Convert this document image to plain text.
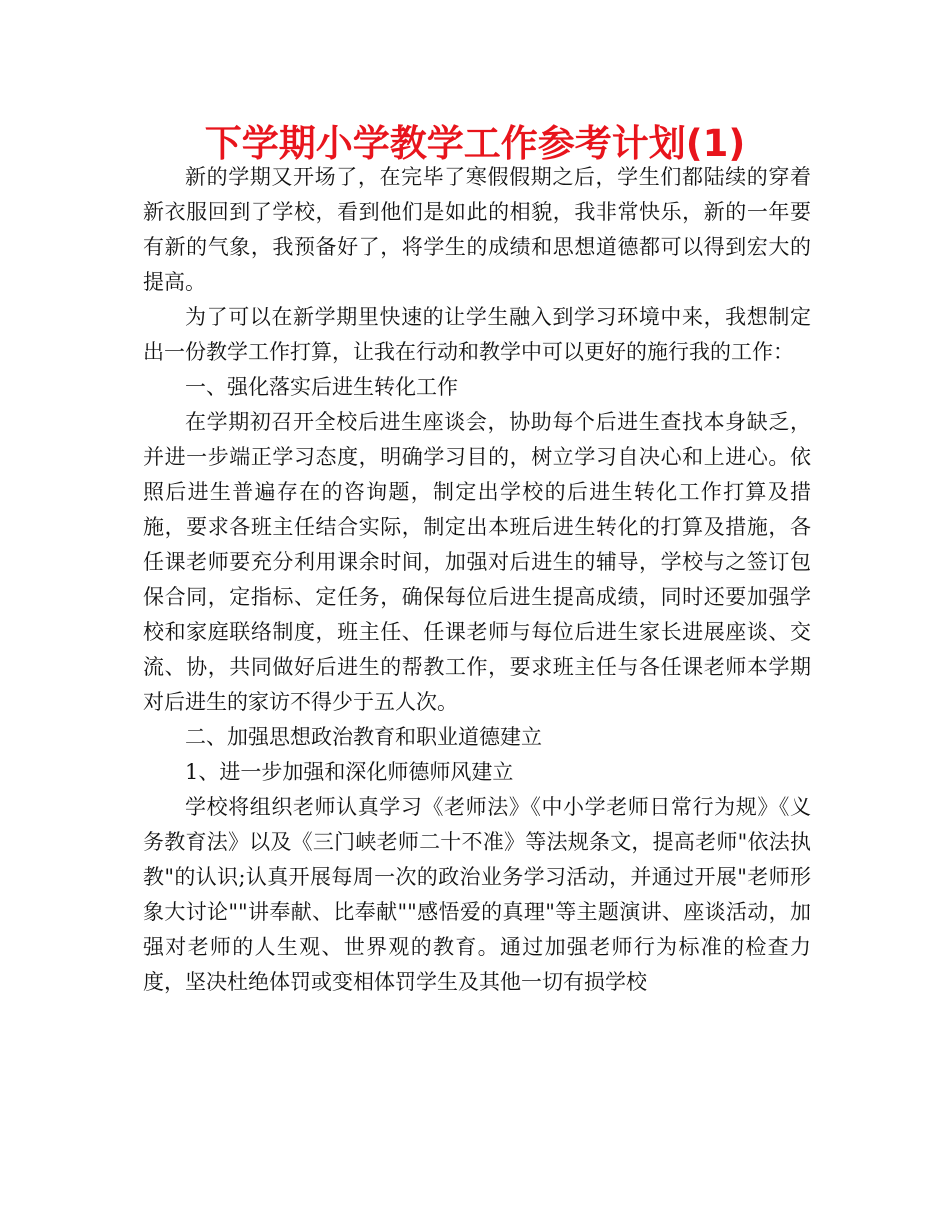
下学期小学教学工作参考计划(1)

新的学期又开场了，在完毕了寒假假期之后，学生们都陆续的穿着新衣服回到了学校，看到他们是如此的相貌，我非常快乐，新的一年要有新的气象，我预备好了，将学生的成绩和思想道德都可以得到宏大的提高。

为了可以在新学期里快速的让学生融入到学习环境中来，我想制定出一份教学工作打算，让我在行动和教学中可以更好的施行我的工作：

一、强化落实后进生转化工作

在学期初召开全校后进生座谈会，协助每个后进生查找本身缺乏，并进一步端正学习态度，明确学习目的，树立学习自决心和上进心。依照后进生普遍存在的咨询题，制定出学校的后进生转化工作打算及措施，要求各班主任结合实际，制定出本班后进生转化的打算及措施，各任课老师要充分利用课余时间，加强对后进生的辅导，学校与之签订包保合同，定指标、定任务，确保每位后进生提高成绩，同时还要加强学校和家庭联络制度，班主任、任课老师与每位后进生家长进展座谈、交流、协，共同做好后进生的帮教工作，要求班主任与各任课老师本学期对后进生的家访不得少于五人次。

二、加强思想政治教育和职业道德建立

1、进一步加强和深化师德师风建立

学校将组织老师认真学习《老师法》《中小学老师日常行为规》《义务教育法》以及《三门峡老师二十不准》等法规条文，提高老师"依法执教"的认识;认真开展每周一次的政治业务学习活动，并通过开展"老师形象大讨论""讲奉献、比奉献""感悟爱的真理"等主题演讲、座谈活动，加强对老师的人生观、世界观的教育。通过加强老师行为标准的检查力度，坚决杜绝体罚或变相体罚学生及其他一切有损学校
